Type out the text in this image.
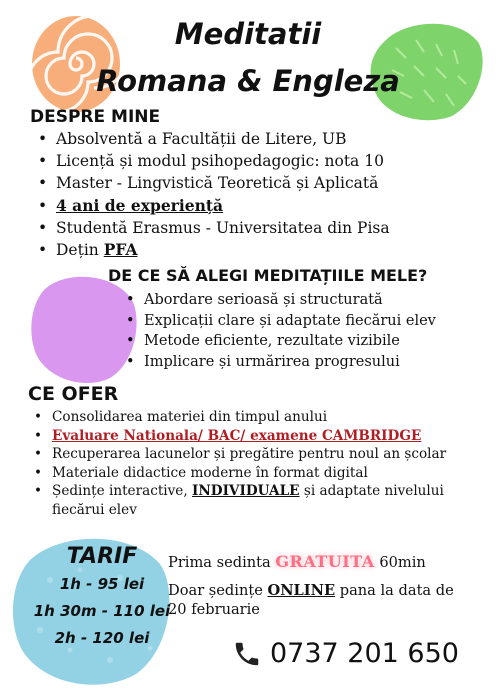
Meditatii
Romana & Engleza
DESPRE MINE
• Absolventă a Facultății de Litere, UB
• Licență și modul psihopedagogic: nota 10
• Master - Lingvistică Teoretică și Aplicată
• 4 ani de experiență
• Studentă Erasmus - Universitatea din Pisa
• Dețin PFA
DE CE SĂ ALEGI MEDITAȚIILE MELE?
• Abordare serioasă și structurată
• Explicații clare și adaptate fiecărui elev
• Metode eficiente, rezultate vizibile
• Implicare și urmărirea progresului
CE OFER
• Consolidarea materiei din timpul anului
• Evaluare Nationala/ BAC/ examene CAMBRIDGE
• Recuperarea lacunelor și pregătire pentru noul an școlar
• Materiale didactice moderne în format digital
• Ședințe interactive, INDIVIDUALE și adaptate nivelului fiecărui elev
TARIF

1h - 95 lei

1h 30m - 110 lei

2h - 120 lei

Prima sedinta GRATUITA 60min

Doar ședințe ONLINE pana la data de

20 februarie

0737 201 650
